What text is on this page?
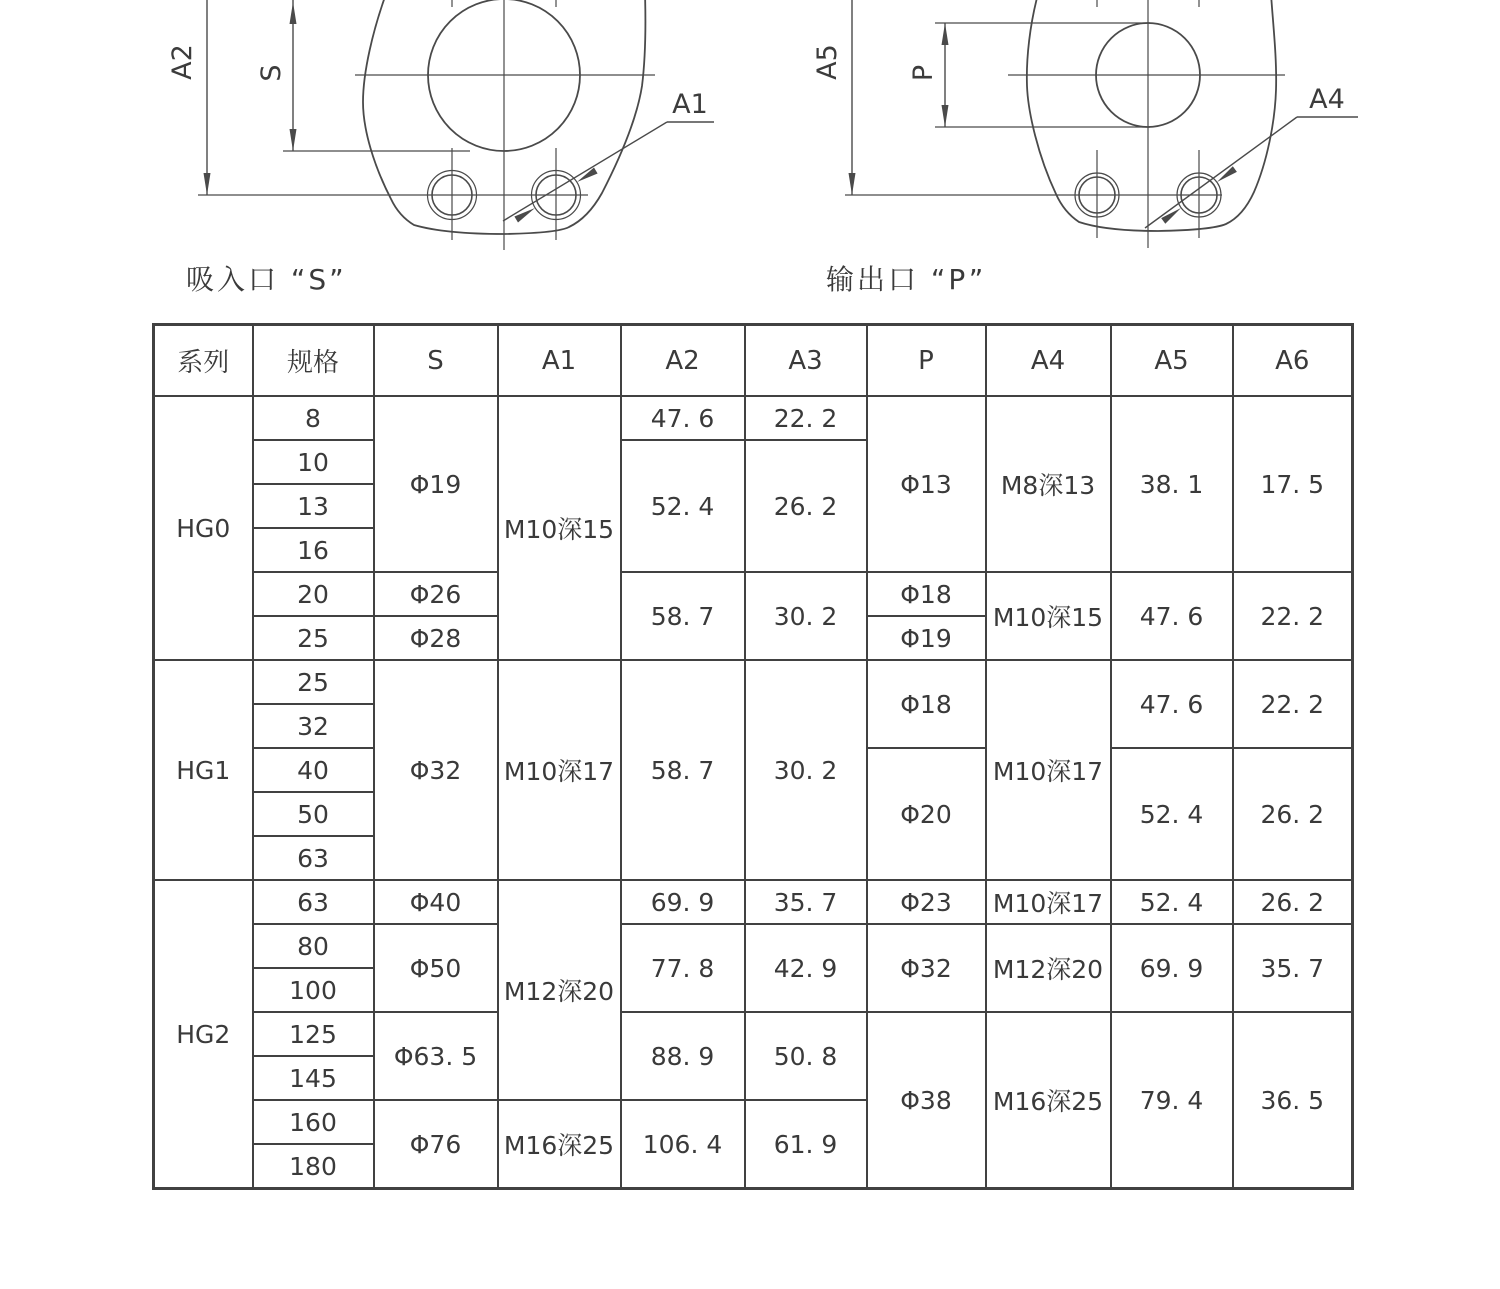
A2 S
A1
A5 P
A4
吸入口 “S”	输出口 “P”
系列	规格	S	A1	A2	A3	P	A4	A5	A6
HG0	8	Φ19	M10深15	47. 6	22. 2	Φ13	M8深13	38. 1	17. 5
	10			52. 4	26. 2				
	13								
	16								
	20	Φ26		58. 7	30. 2	Φ18	M10深15	47. 6	22. 2
	25	Φ28				Φ19			
HG1	25	Φ32	M10深17	58. 7	30. 2	Φ18	M10深17	47. 6	22. 2
	32								
	40					Φ20		52. 4	26. 2
	50								
	63								
HG2	63	Φ40	M12深20	69. 9	35. 7	Φ23	M10深17	52. 4	26. 2
	80	Φ50		77. 8	42. 9	Φ32	M12深20	69. 9	35. 7
	100								
	125	Φ63. 5		88. 9	50. 8	Φ38	M16深25	79. 4	36. 5
	145								
	160	Φ76	M16深25	106. 4	61. 9				
	180								
